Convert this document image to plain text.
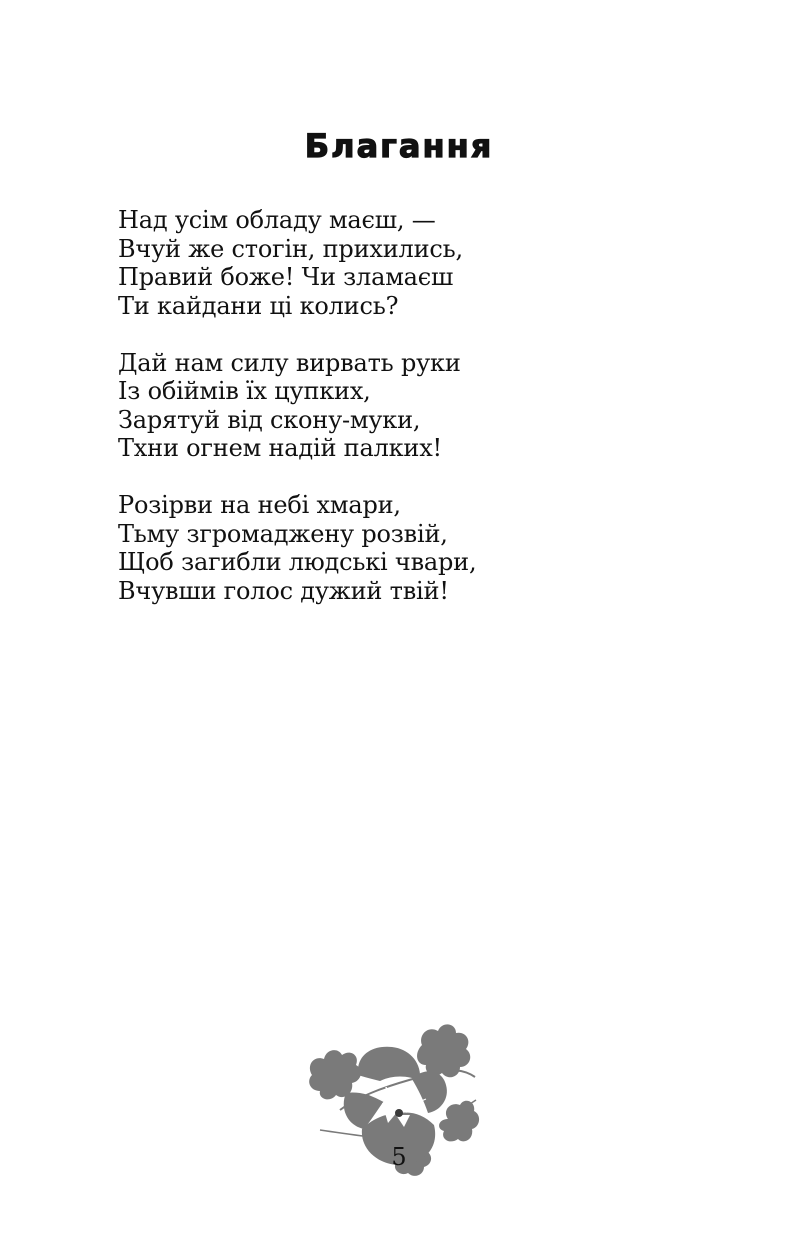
Благання
Над усім обладу маєш, —
Вчуй же стогін, прихились,
Правий боже! Чи зламаєш
Ти кайдани ці колись?
Дай нам силу вирвать руки
Із обіймів їх цупких,
Зарятуй від скону-муки,
Тхни огнем надій палких!
Розірви на небі хмари,
Тьму згромаджену розвій,
Щоб загибли людські чвари,
Вчувши голос дужий твій!
5
